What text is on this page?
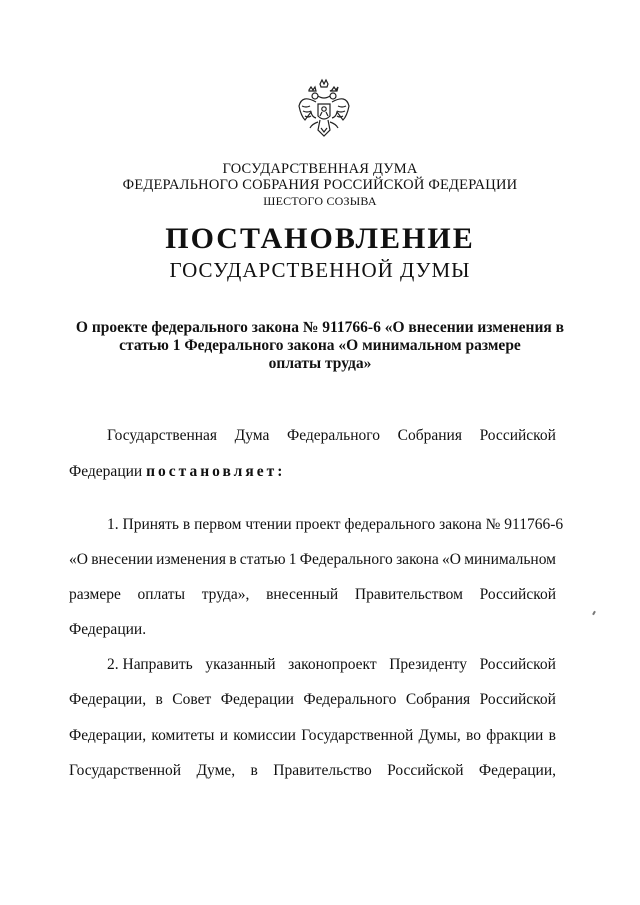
ГОСУДАРСТВЕННАЯ ДУМА
ФЕДЕРАЛЬНОГО СОБРАНИЯ РОССИЙСКОЙ ФЕДЕРАЦИИ
ШЕСТОГО СОЗЫВА
ПОСТАНОВЛЕНИЕ
ГОСУДАРСТВЕННОЙ ДУМЫ
О проекте федерального закона № 911766-6 «О внесении изменения в
статью 1 Федерального закона «О минимальном размере
оплаты труда»
Государственная Дума Федерального Собрания Российской
Федерации постановляет:
1. Принять в первом чтении проект федерального закона № 911766-6
«О внесении изменения в статью 1 Федерального закона «О минимальном
размере оплаты труда», внесенный Правительством Российской
Федерации.
2. Направить указанный законопроект Президенту Российской
Федерации, в Совет Федерации Федерального Собрания Российской
Федерации, комитеты и комиссии Государственной Думы, во фракции в
Государственной Думе, в Правительство Российской Федерации,
